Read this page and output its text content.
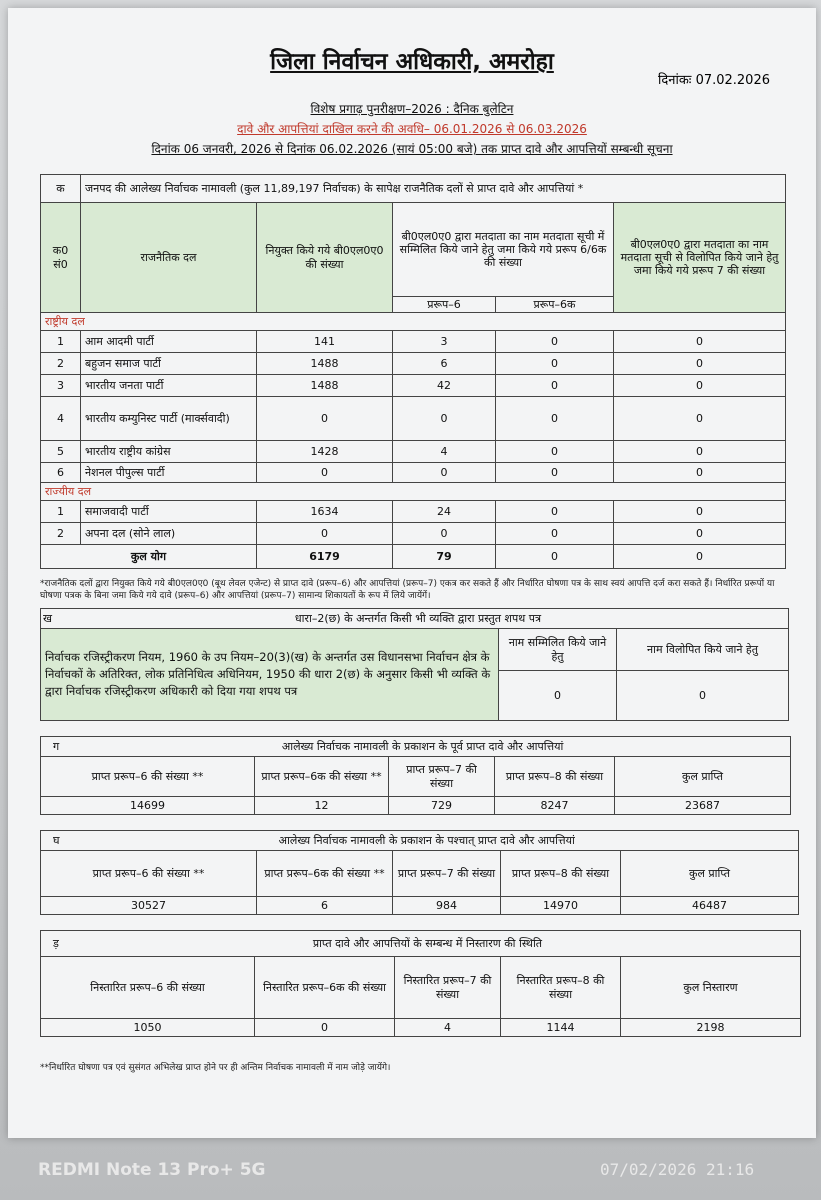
जिला निर्वाचन अधिकारी, अमरोहा
दिनांकः 07.02.2026
विशेष प्रगाढ़ पुनरीक्षण–2026 : दैनिक बुलेटिन
दावे और आपत्तियां दाखिल करने की अवधि– 06.01.2026 से 06.03.2026
दिनांक 06 जनवरी, 2026 से दिनांक 06.02.2026 (सायं 05:00 बजे) तक प्राप्त दावे और आपत्तियों सम्बन्धी सूचना
क	जनपद की आलेख्य निर्वाचक नामावली (कुल 11,89,197 निर्वाचक) के सापेक्ष राजनैतिक दलों से प्राप्त दावे और आपत्तियां *				
क0 सं0	राजनैतिक दल	नियुक्त किये गये बी0एल0ए0 की संख्या	बी0एल0ए0 द्वारा मतदाता का नाम मतदाता सूची में सम्मिलित किये जाने हेतु जमा किये गये प्ररूप 6/6क की संख्या		बी0एल0ए0 द्वारा मतदाता का नाम मतदाता सूची से विलोपित किये जाने हेतु जमा किये गये प्ररूप 7 की संख्या
			प्ररूप–6	प्ररूप–6क	
राष्ट्रीय दल					
1	आम आदमी पार्टी	141	3	0	0
2	बहुजन समाज पार्टी	1488	6	0	0
3	भारतीय जनता पार्टी	1488	42	0	0
4	भारतीय कम्युनिस्ट पार्टी (मार्क्सवादी)	0	0	0	0
5	भारतीय राष्ट्रीय कांग्रेस	1428	4	0	0
6	नेशनल पीपुल्स पार्टी	0	0	0	0
राज्यीय दल					
1	समाजवादी पार्टी	1634	24	0	0
2	अपना दल (सोने लाल)	0	0	0	0
कुल योग		6179	79	0	0
*राजनैतिक दलों द्वारा नियुक्त किये गये बी0एल0ए0 (बूथ लेवल एजेन्ट) से प्राप्त दावे (प्ररूप–6) और आपत्तियां (प्ररूप–7) एकत्र कर सकते हैं और निर्धारित घोषणा पत्र के साथ स्वयं आपत्ति दर्ज करा सकते हैं। निर्धारित प्ररूपों या घोषणा पत्रक के बिना जमा किये गये दावे (प्ररूप–6) और आपत्तियां (प्ररूप–7) सामान्य शिकायतों के रूप में लिये जायेंगें।
ख धारा–2(छ) के अन्तर्गत किसी भी व्यक्ति द्वारा प्रस्तुत शपथ पत्र		
निर्वाचक रजिस्ट्रीकरण नियम, 1960 के उप नियम–20(3)(ख) के अन्तर्गत उस विधानसभा निर्वाचन क्षेत्र के निर्वाचकों के अतिरिक्त, लोक प्रतिनिधित्व अधिनियम, 1950 की धारा 2(छ) के अनुसार किसी भी व्यक्ति के द्वारा निर्वाचक रजिस्ट्रीकरण अधिकारी को दिया गया शपथ पत्र	नाम सम्मिलित किये जाने हेतु	नाम विलोपित किये जाने हेतु
	0	0
ग आलेख्य निर्वाचक नामावली के प्रकाशन के पूर्व प्राप्त दावे और आपत्तियां				
प्राप्त प्ररूप–6 की संख्या **	प्राप्त प्ररूप–6क की संख्या **	प्राप्त प्ररूप–7 की संख्या	प्राप्त प्ररूप–8 की संख्या	कुल प्राप्ति
14699	12	729	8247	23687
घ आलेख्य निर्वाचक नामावली के प्रकाशन के पश्चात् प्राप्त दावे और आपत्तियां				
प्राप्त प्ररूप–6 की संख्या **	प्राप्त प्ररूप–6क की संख्या **	प्राप्त प्ररूप–7 की संख्या	प्राप्त प्ररूप–8 की संख्या	कुल प्राप्ति
30527	6	984	14970	46487
ड़ प्राप्त दावे और आपत्तियों के सम्बन्ध में निस्तारण की स्थिति				
निस्तारित प्ररूप–6 की संख्या	निस्तारित प्ररूप–6क की संख्या	निस्तारित प्ररूप–7 की संख्या	निस्तारित प्ररूप–8 की संख्या	कुल निस्तारण
1050	0	4	1144	2198
**निर्धारित घोषणा पत्र एवं सुसंगत अभिलेख प्राप्त होने पर ही अन्तिम निर्वाचक नामावली में नाम जोड़े जायेंगे।
REDMI Note 13 Pro+ 5G	07/02/2026 21:16
